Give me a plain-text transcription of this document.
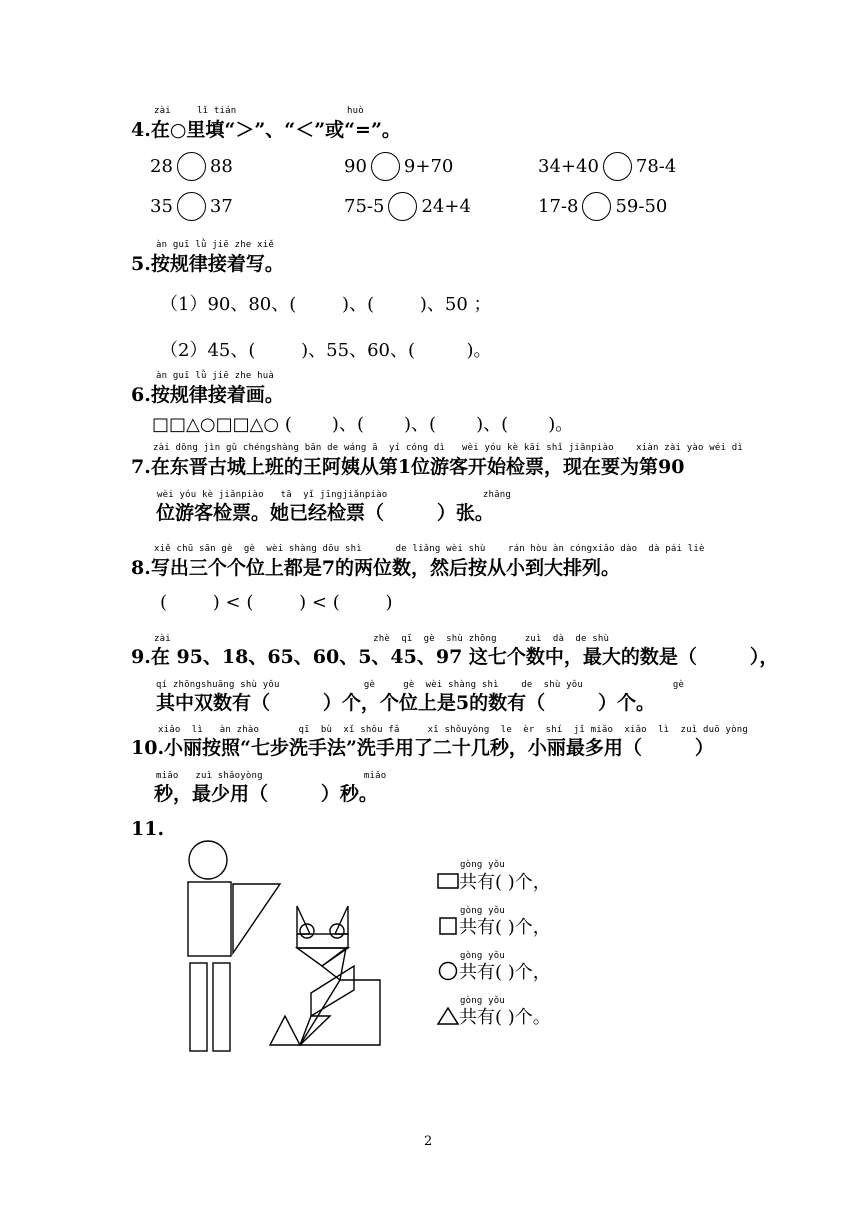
zài	lǐ tián	huò
4.在○里填“＞”、“＜”或“=”。
28 88	90 9+70	34+40 78-4
35 37	75-5 24+4	17-8 59-50
àn guī lǜ jiē zhe xiě
5.按规律接着写。
（1）90、80、(        )、(        )、50 ；
（2）45、(        )、55、60、(         )。
àn guī lǜ jiē zhe huà
6.按规律接着画。
□□△○□□△○ (       )、(       )、(       )、(       )。
zài dōng jìn gǔ chéngshàng bān de wáng ā  yí cóng dì   wèi yóu kè kāi shǐ jiǎnpiào    xiàn zài yào wéi dì
7.在东晋古城上班的王阿姨从第1位游客开始检票，现在要为第90
wèi yóu kè jiǎnpiào   tā  yǐ jīngjiǎnpiào                 zhāng
位游客检票。她已经检票（        ）张。
xiě chū sān gè  gè  wèi shàng dōu shì      de liǎng wèi shù    rán hòu àn cóngxiǎo dào  dà pái liè
8.写出三个个位上都是7的两位数，然后按从小到大排列。
(        ) < (        ) < (        )
zài                                    zhè  qī  gè  shù zhōng     zuì  dà  de shù
9.在 95、18、65、60、5、45、97 这七个数中，最大的数是（        ），
qí zhōngshuāng shù yǒu               gè     gè  wèi shàng shì    de  shù yǒu                gè
其中双数有（        ）个，个位上是5的数有（        ）个。
xiǎo  lì   àn zhào       qī  bù  xǐ shǒu fǎ     xǐ shǒuyòng  le  èr  shí  jǐ miǎo  xiǎo  lì  zuì duō yòng
10.小丽按照“七步洗手法”洗手用了二十几秒，小丽最多用（        ）
miǎo   zuì shǎoyòng                  miǎo
秒，最少用（        ）秒。
11.
gòng yǒu
共有( )个，
gòng yǒu
共有( )个，
gòng yǒu
共有( )个，
gòng yǒu
共有( )个。
2
